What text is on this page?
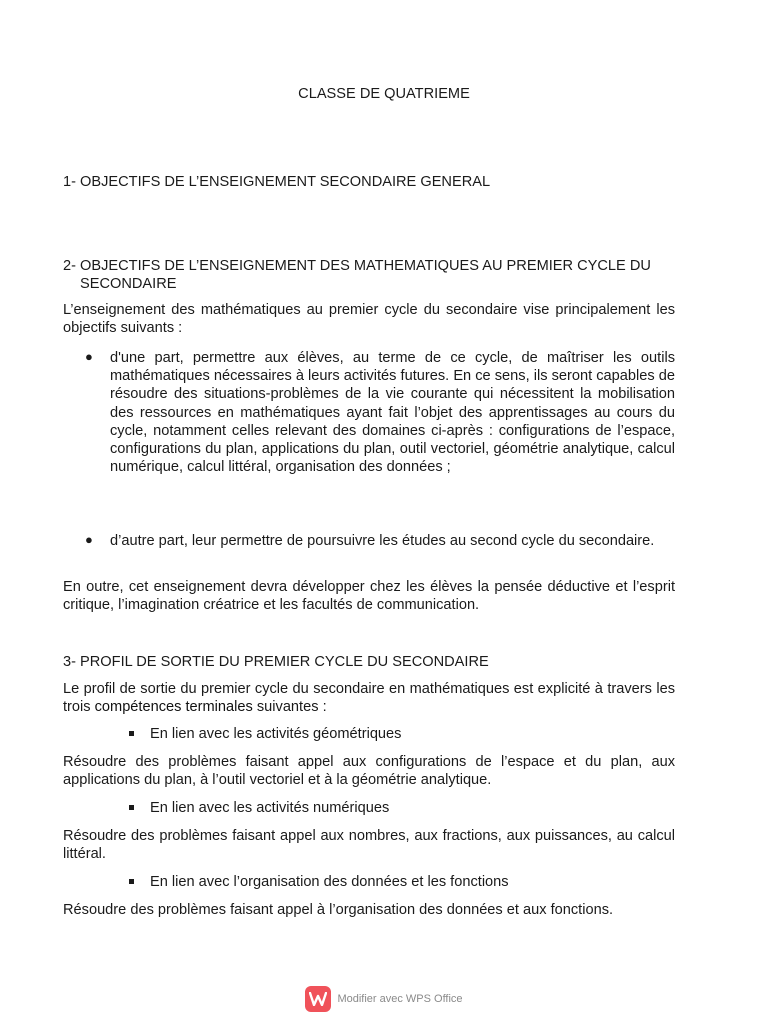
CLASSE DE QUATRIEME
1- OBJECTIFS DE L’ENSEIGNEMENT SECONDAIRE GENERAL
2- OBJECTIFS DE L’ENSEIGNEMENT DES MATHEMATIQUES AU PREMIER CYCLE DU
SECONDAIRE
L’enseignement des mathématiques au premier cycle du secondaire vise principalement les objectifs suivants :
●	d'une part, permettre aux élèves, au terme de ce cycle, de maîtriser les outils mathématiques nécessaires à leurs activités futures. En ce sens, ils seront capables de résoudre des situations-problèmes de la vie courante qui nécessitent la mobilisation des ressources en mathématiques ayant fait l’objet des apprentissages au cours du cycle, notamment celles relevant des domaines ci-après : configurations de l’espace, configurations du plan, applications du plan, outil vectoriel, géométrie analytique, calcul numérique, calcul littéral, organisation des données ;
●	d’autre part, leur permettre de poursuivre les études au second cycle du secondaire.
En outre, cet enseignement devra développer chez les élèves la pensée déductive et l’esprit critique, l’imagination créatrice et les facultés de communication.
3- PROFIL DE SORTIE DU PREMIER CYCLE DU SECONDAIRE
Le profil de sortie du premier cycle du secondaire en mathématiques est explicité à travers les trois compétences terminales suivantes :
En lien avec les activités géométriques
Résoudre des problèmes faisant appel aux configurations de l’espace et du plan, aux applications du plan, à l’outil vectoriel et à la géométrie analytique.
En lien avec les activités numériques
Résoudre des problèmes faisant appel aux nombres, aux fractions, aux puissances, au calcul littéral.
En lien avec l’organisation des données et les fonctions
Résoudre des problèmes faisant appel à l’organisation des données et aux fonctions.
Modifier avec WPS Office
